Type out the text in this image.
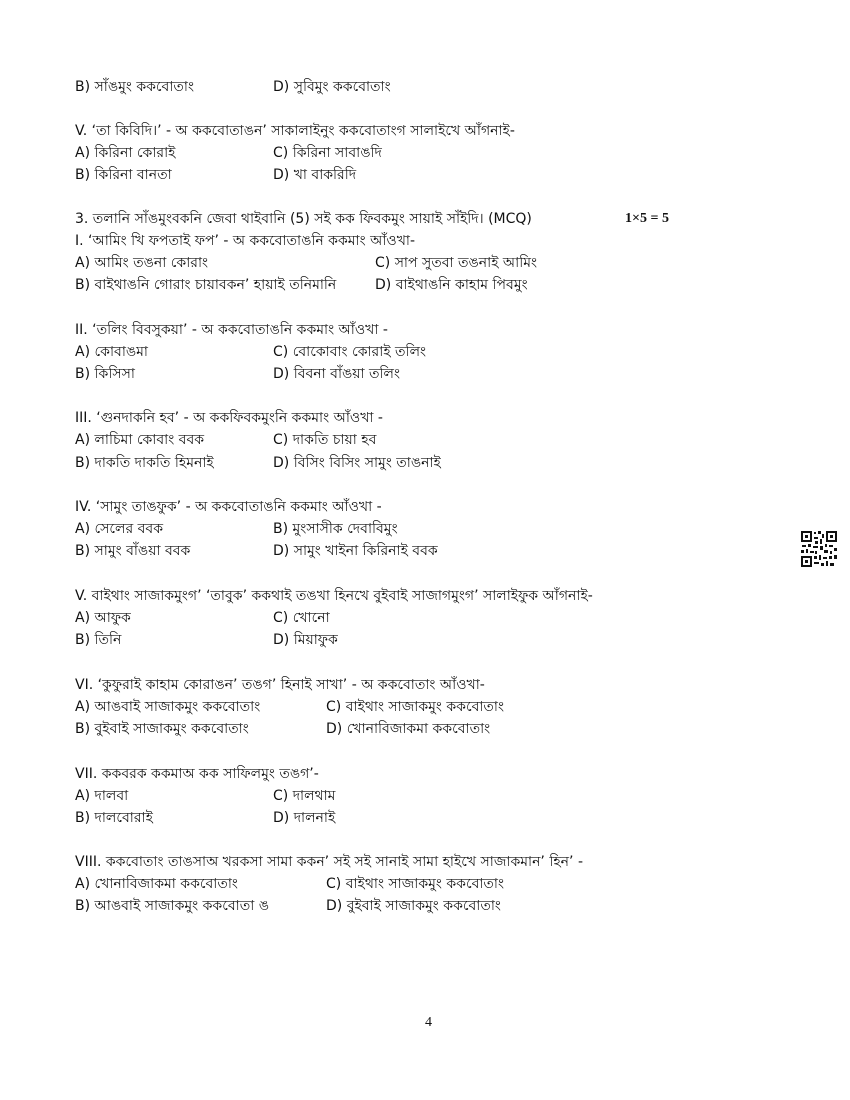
B) সাঁঙমুং ককবোতাং	D) সুবিমুং ককবোতাং
V. ‘তা কিবিদি।’ - অ ককবোতাঙন’ সাকালাইনুং ককবোতাংগ সালাইখে আঁগনাই-
A) কিরিনা কোরাই	C) কিরিনা সাবাঙদি
B) কিরিনা বানতা	D) খা বাকরিদি
3. তলানি সাঁঙমুংবকনি জেবা থাইবানি (5) সই কক ফিবকমুং সায়াই সাঁইদি। (MCQ)	1×5 = 5
I. ‘আমিং খি ফপতাই ফপ’ - অ ককবোতাঙনি ককমাং আঁওখা-
A) আমিং তঙনা কোরাং	C) সাপ সুতবা তঙনাই আমিং
B) বাইথাঙনি গোরাং চায়াবকন’ হায়াই তনিমানি	D) বাইথাঙনি কাহাম পিবমুং
II. ‘তলিং বিবসুকয়া’ - অ ককবোতাঙনি ককমাং আঁওখা -
A) কোবাঙমা	C) বোকোবাং কোরাই তলিং
B) কিসিসা	D) বিবনা বাঁঙয়া তলিং
III. ‘গুনদাকনি হব’ - অ ককফিবকমুংনি ককমাং আঁওখা -
A) লাচিমা কোবাং ববক	C) দাকতি চায়া হব
B) দাকতি দাকতি হিমনাই	D) বিসিং বিসিং সামুং তাঙনাই
IV. ‘সামুং তাঙফুক’ - অ ককবোতাঙনি ককমাং আঁওখা -
A) সেলের ববক	B) মুংসাসীক দেবাবিমুং
B) সামুং বাঁঙয়া ববক	D) সামুং খাইনা কিরিনাই ববক
V. বাইথাং সাজাকমুংগ’ ‘তাবুক’ ককথাই তঙখা হিনখে বুইবাই সাজাগমুংগ’ সালাইফুক আঁগনাই-
A) আফুক	C) খোনো
B) তিনি	D) মিয়াফুক
VI. ‘কুফুরাই কাহাম কোরাঙন’ তঙগ’ হিনাই সাখা’ - অ ককবোতাং আঁওখা-
A) আঙবাই সাজাকমুং ককবোতাং	C) বাইথাং সাজাকমুং ককবোতাং
B) বুইবাই সাজাকমুং ককবোতাং	D) খোনাবিজাকমা ককবোতাং
VII. ককবরক ককমাঅ কক সাফিলমুং তঙগ’-
A) দালবা	C) দালথাম
B) দালবোরাই	D) দালনাই
VIII. ককবোতাং তাঙসাঅ খরকসা সামা ককন’ সই সই সানাই সামা হাইখে সাজাকমান’ হিন’ -
A) খোনাবিজাকমা ককবোতাং	C) বাইথাং সাজাকমুং ককবোতাং
B) আঙবাই সাজাকমুং ককবোতা ঙ	D) বুইবাই সাজাকমুং ককবোতাং
4
